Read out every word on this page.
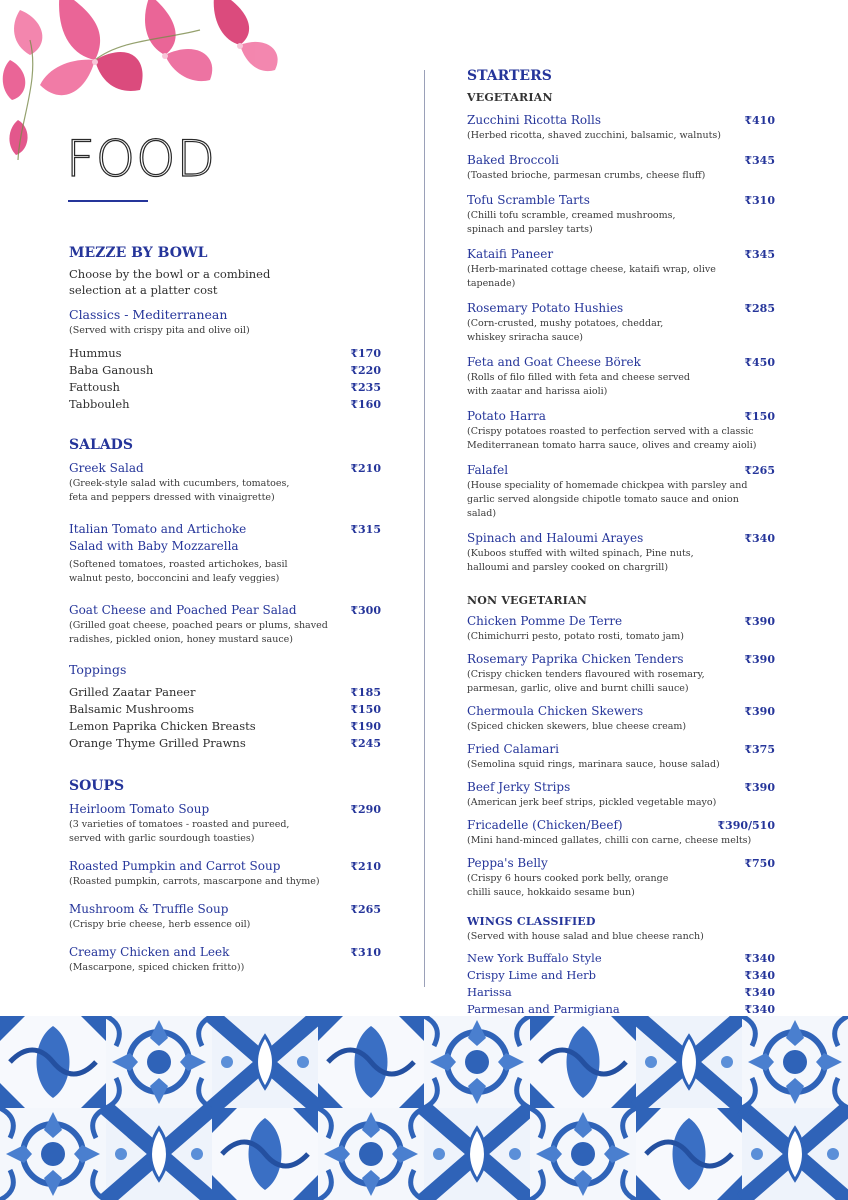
FOOD
MEZZE BY BOWL
Choose by the bowl or a combined
selection at a platter cost
Classics - Mediterranean
(Served with crispy pita and olive oil)
Hummus	₹170
Baba Ganoush	₹220
Fattoush	₹235
Tabbouleh	₹160
SALADS
Greek Salad	₹210
(Greek-style salad with cucumbers, tomatoes,
feta and peppers dressed with vinaigrette)
Italian Tomato and Artichoke
Salad with Baby Mozzarella
₹315
(Softened tomatoes, roasted artichokes, basil
walnut pesto, bocconcini and leafy veggies)
Goat Cheese and Poached Pear Salad	₹300
(Grilled goat cheese, poached pears or plums, shaved
radishes, pickled onion, honey mustard sauce)
Toppings
Grilled Zaatar Paneer	₹185
Balsamic Mushrooms	₹150
Lemon Paprika Chicken Breasts	₹190
Orange Thyme Grilled Prawns	₹245
SOUPS
Heirloom Tomato Soup	₹290
(3 varieties of tomatoes - roasted and pureed,
served with garlic sourdough toasties)
Roasted Pumpkin and Carrot Soup	₹210
(Roasted pumpkin, carrots, mascarpone and thyme)
Mushroom & Truffle Soup	₹265
(Crispy brie cheese, herb essence oil)
Creamy Chicken and Leek	₹310
(Mascarpone, spiced chicken fritto))
STARTERS
VEGETARIAN
Zucchini Ricotta Rolls	₹410
(Herbed ricotta, shaved zucchini, balsamic, walnuts)
Baked Broccoli	₹345
(Toasted brioche, parmesan crumbs, cheese fluff)
Tofu Scramble Tarts	₹310
(Chilli tofu scramble, creamed mushrooms,
spinach and parsley tarts)
Kataifi Paneer	₹345
(Herb-marinated cottage cheese, kataifi wrap, olive tapenade)
Rosemary Potato Hushies	₹285
(Corn-crusted, mushy potatoes, cheddar,
whiskey sriracha sauce)
Feta and Goat Cheese Börek	₹450
(Rolls of filo filled with feta and cheese served
with zaatar and harissa aioli)
Potato Harra	₹150
(Crispy potatoes roasted to perfection served with a classic
Mediterranean tomato harra sauce, olives and creamy aioli)
Falafel	₹265
(House speciality of homemade chickpea with parsley and
garlic served alongside chipotle tomato sauce and onion salad)
Spinach and Haloumi Arayes	₹340
(Kuboos stuffed with wilted spinach, Pine nuts,
halloumi and parsley cooked on chargrill)
NON VEGETARIAN
Chicken Pomme De Terre	₹390
(Chimichurri pesto, potato rosti, tomato jam)
Rosemary Paprika Chicken Tenders	₹390
(Crispy chicken tenders flavoured with rosemary,
parmesan, garlic, olive and burnt chilli sauce)
Chermoula Chicken Skewers	₹390
(Spiced chicken skewers, blue cheese cream)
Fried Calamari	₹375
(Semolina squid rings, marinara sauce, house salad)
Beef Jerky Strips	₹390
(American jerk beef strips, pickled vegetable mayo)
Fricadelle (Chicken/Beef)	₹390/510
(Mini hand-minced gallates, chilli con carne, cheese melts)
Peppa's Belly	₹750
(Crispy 6 hours cooked pork belly, orange
chilli sauce, hokkaido sesame bun)
WINGS CLASSIFIED
(Served with house salad and blue cheese ranch)
New York Buffalo Style	₹340
Crispy Lime and Herb	₹340
Harissa	₹340
Parmesan and Parmigiana	₹340
